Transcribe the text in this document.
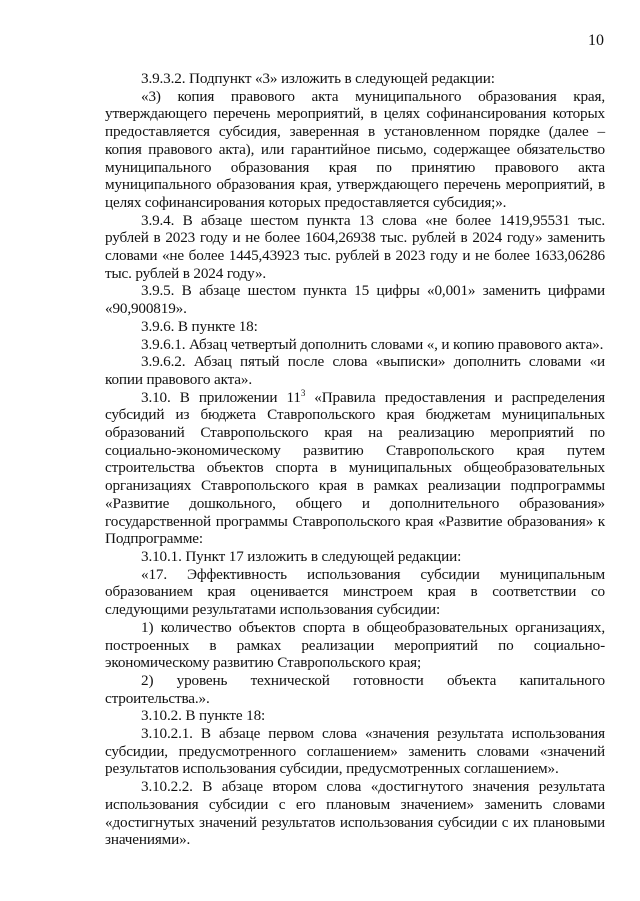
10

3.9.3.2. Подпункт «3» изложить в следующей редакции:

«3) копия правового акта муниципального образования края, утверждающего перечень мероприятий, в целях софинансирования которых предоставляется субсидия, заверенная в установленном порядке (далее – копия правового акта), или гарантийное письмо, содержащее обязательство муниципального образования края по принятию правового акта муниципального образования края, утверждающего перечень мероприятий, в целях софинансирования которых предоставляется субсидия;».

3.9.4. В абзаце шестом пункта 13 слова «не более 1419,95531 тыс. рублей в 2023 году и не более 1604,26938 тыс. рублей в 2024 году» заменить словами «не более 1445,43923 тыс. рублей в 2023 году и не более 1633,06286 тыс. рублей в 2024 году».

3.9.5. В абзаце шестом пункта 15 цифры «0,001» заменить цифрами «90,900819».

3.9.6. В пункте 18:

3.9.6.1. Абзац четвертый дополнить словами «, и копию правового акта».

3.9.6.2. Абзац пятый после слова «выписки» дополнить словами «и копии правового акта».

3.10. В приложении $11^3$ «Правила предоставления и распределения субсидий из бюджета Ставропольского края бюджетам муниципальных образований Ставропольского края на реализацию мероприятий по социально-экономическому развитию Ставропольского края путем строительства объектов спорта в муниципальных общеобразовательных организациях Ставропольского края в рамках реализации подпрограммы «Развитие дошкольного, общего и дополнительного образования» государственной программы Ставропольского края «Развитие образования» к Подпрограмме:

3.10.1. Пункт 17 изложить в следующей редакции:

«17. Эффективность использования субсидии муниципальным образованием края оценивается минстроем края в соответствии со следующими результатами использования субсидии:

1) количество объектов спорта в общеобразовательных организациях, построенных в рамках реализации мероприятий по социально-экономическому развитию Ставропольского края;

2) уровень технической готовности объекта капитального строительства.».

3.10.2. В пункте 18:

3.10.2.1. В абзаце первом слова «значения результата использования субсидии, предусмотренного соглашением» заменить словами «значений результатов использования субсидии, предусмотренных соглашением».

3.10.2.2. В абзаце втором слова «достигнутого значения результата использования субсидии с его плановым значением» заменить словами «достигнутых значений результатов использования субсидии с их плановыми значениями».
